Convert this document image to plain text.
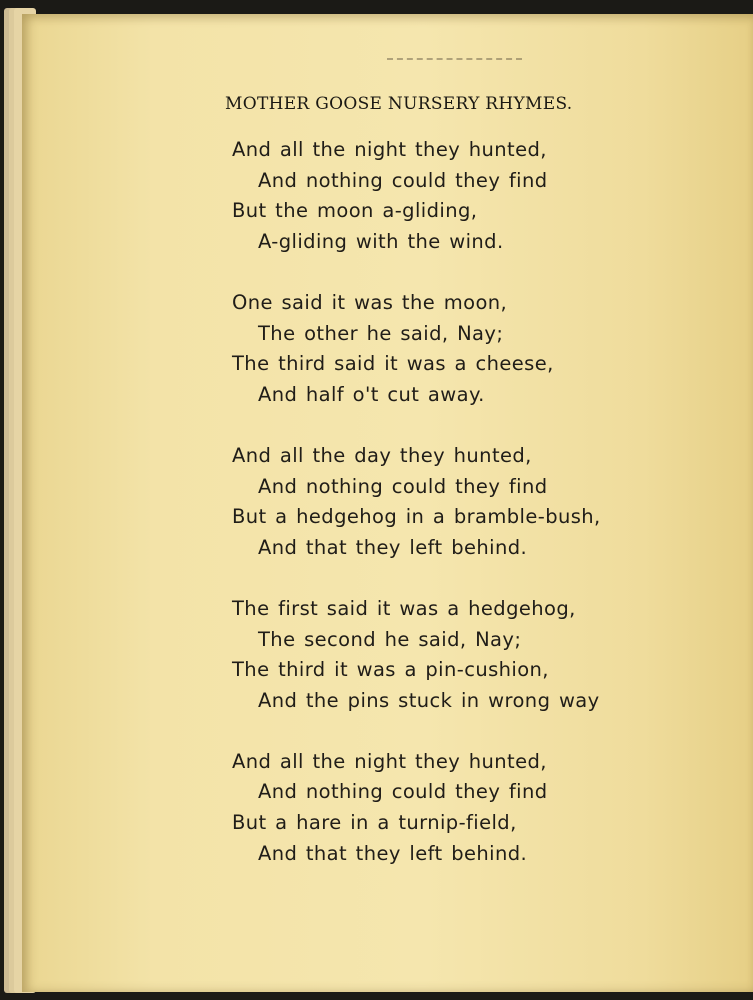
MOTHER GOOSE NURSERY RHYMES.
And all the night they hunted,
And nothing could they find
But the moon a-gliding,
A-gliding with the wind.
One said it was the moon,
The other he said, Nay;
The third said it was a cheese,
And half o't cut away.
And all the day they hunted,
And nothing could they find
But a hedgehog in a bramble-bush,
And that they left behind.
The first said it was a hedgehog,
The second he said, Nay;
The third it was a pin-cushion,
And the pins stuck in wrong way
And all the night they hunted,
And nothing could they find
But a hare in a turnip-field,
And that they left behind.
